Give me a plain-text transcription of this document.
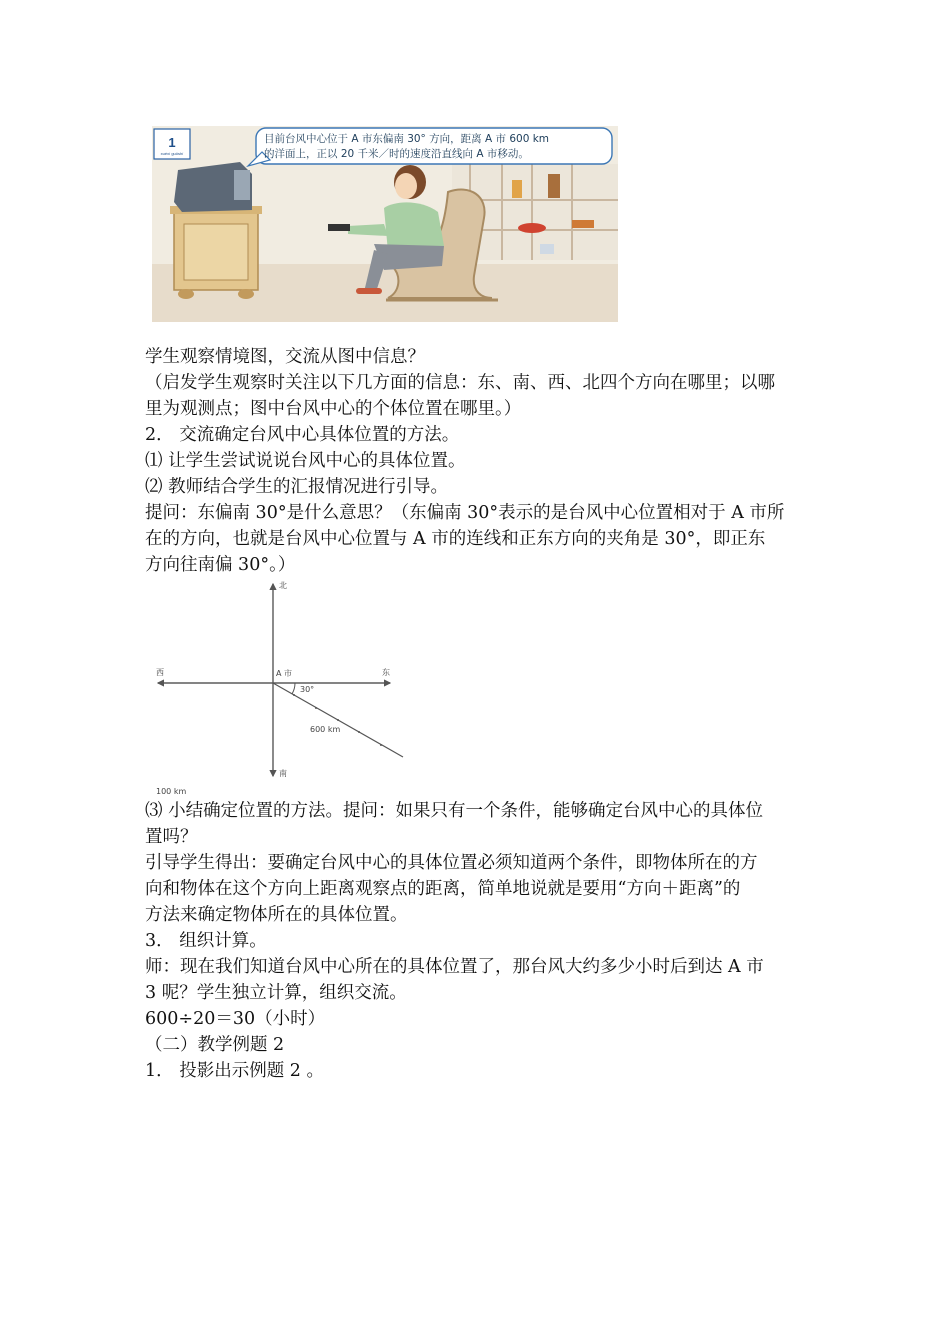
1
xuéxí guǒshí
目前台风中心位于 A 市东偏南 30° 方向，距离 A 市 600 km
的洋面上，正以 20 千米／时的速度沿直线向 A 市移动。

学生观察情境图，交流从图中信息？

（启发学生观察时关注以下几方面的信息：东、南、西、北四个方向在哪里；以哪

里为观测点；图中台风中心的个体位置在哪里。）

2． 交流确定台风中心具体位置的方法。

⑴ 让学生尝试说说台风中心的具体位置。

⑵ 教师结合学生的汇报情况进行引导。

提问：东偏南 30°是什么意思？（东偏南 30°表示的是台风中心位置相对于 A 市所

在的方向，也就是台风中心位置与 A 市的连线和正东方向的夹角是 30°，即正东

方向往南偏 30°。）

北
南
东
西	A 市
30°
600 km
100 km

⑶ 小结确定位置的方法。提问：如果只有一个条件，能够确定台风中心的具体位

置吗？

引导学生得出：要确定台风中心的具体位置必须知道两个条件，即物体所在的方

向和物体在这个方向上距离观察点的距离，简单地说就是要用“方向＋距离”的

方法来确定物体所在的具体位置。

3． 组织计算。

师：现在我们知道台风中心所在的具体位置了，那台风大约多少小时后到达 A 市

3 呢？学生独立计算，组织交流。

600÷20＝30（小时）

（二）教学例题 2

1． 投影出示例题 2 。
